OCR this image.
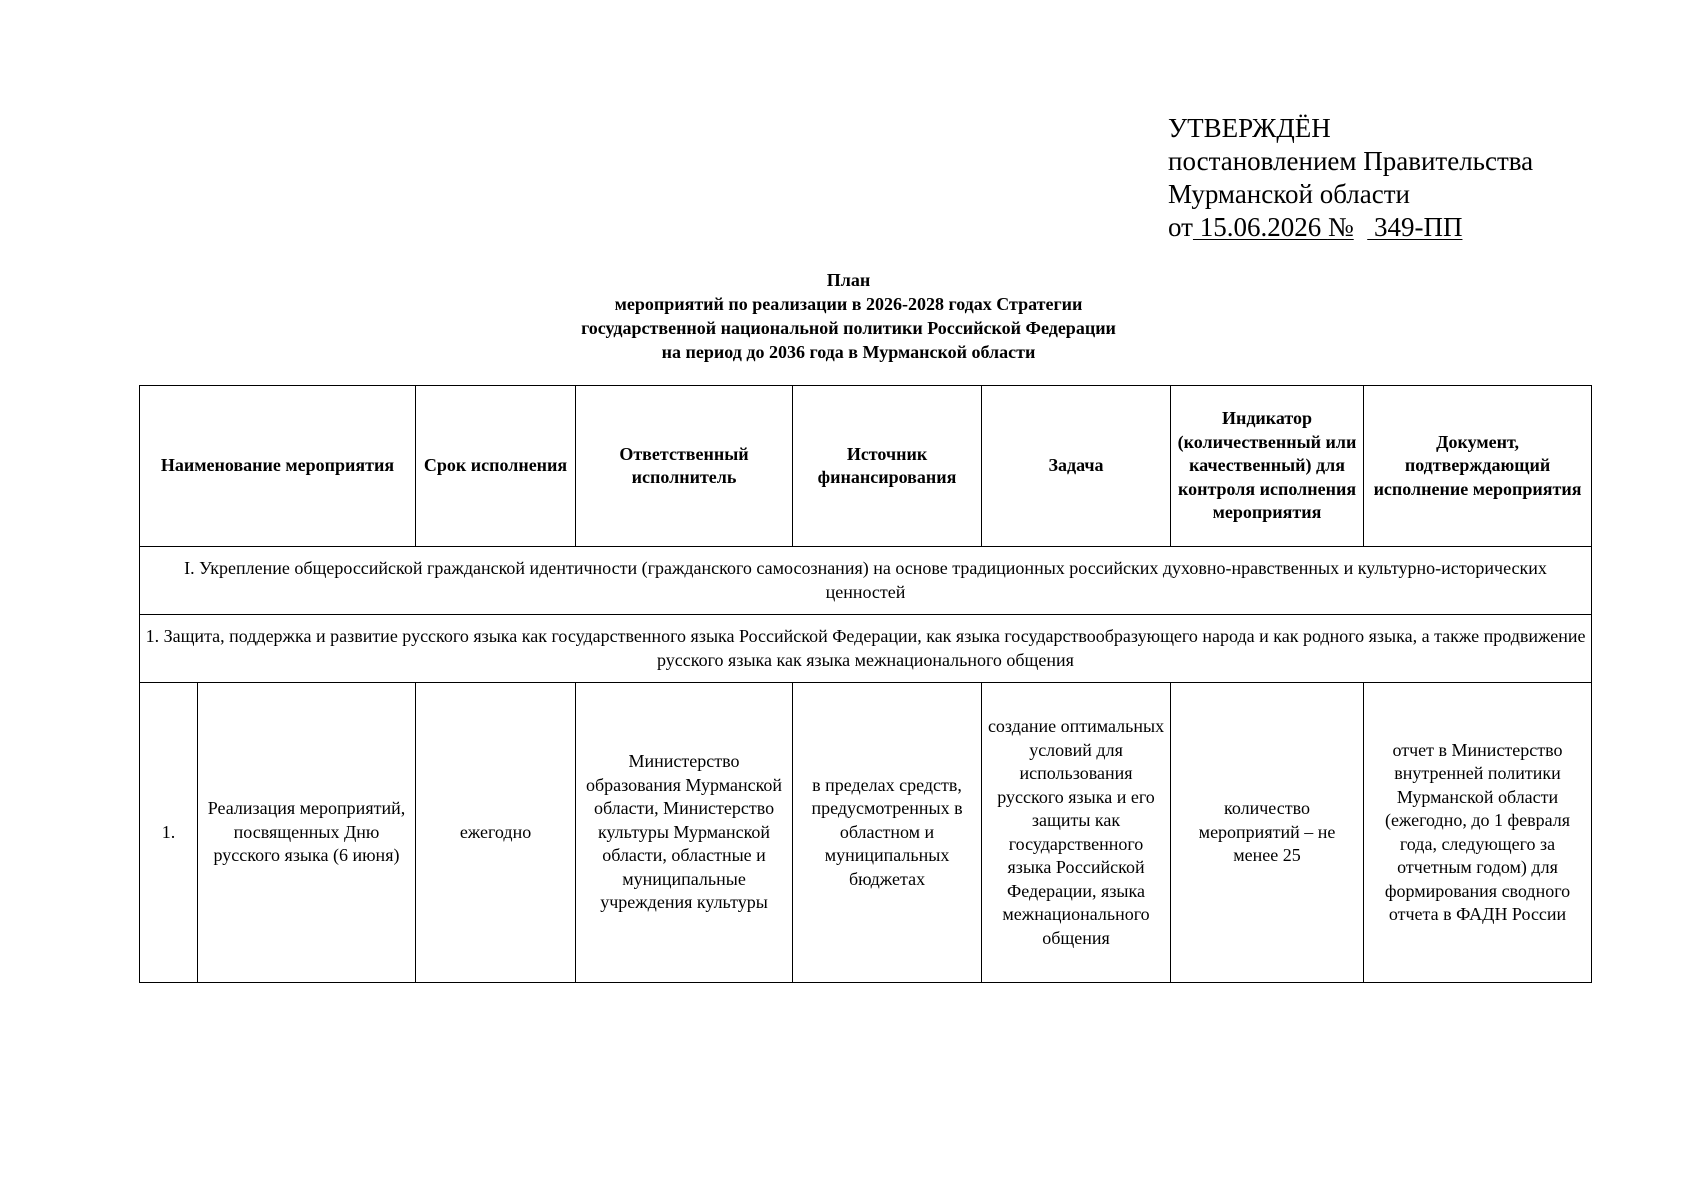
УТВЕРЖДЁН
постановлением Правительства
Мурманской области
от 15.06.2026 №   349-ПП
План
мероприятий по реализации в 2026-2028 годах Стратегии
государственной национальной политики Российской Федерации
на период до 2036 года в Мурманской области
Наименование мероприятия		Срок исполнения	Ответственный исполнитель	Источник финансирования	Задача	Индикатор (количественный или качественный) для контроля исполнения мероприятия	Документ, подтверждающий исполнение мероприятия
I. Укрепление общероссийской гражданской идентичности (гражданского самосознания) на основе традиционных российских духовно-нравственных и культурно-исторических ценностей							
1. Защита, поддержка и развитие русского языка как государственного языка Российской Федерации, как языка государствообразующего народа и как родного языка, а также продвижение русского языка как языка межнационального общения							
1.	Реализация мероприятий, посвященных Дню русского языка (6 июня)	ежегодно	Министерство образования Мурманской области, Министерство культуры Мурманской области, областные и муниципальные учреждения культуры	в пределах средств, предусмотренных в областном и муниципальных бюджетах	создание оптимальных условий для использования русского языка и его защиты как государственного языка Российской Федерации, языка межнационального общения	количество мероприятий – не менее 25	отчет в Министерство внутренней политики Мурманской области (ежегодно, до 1 февраля года, следующего за отчетным годом) для формирования сводного отчета в ФАДН России
